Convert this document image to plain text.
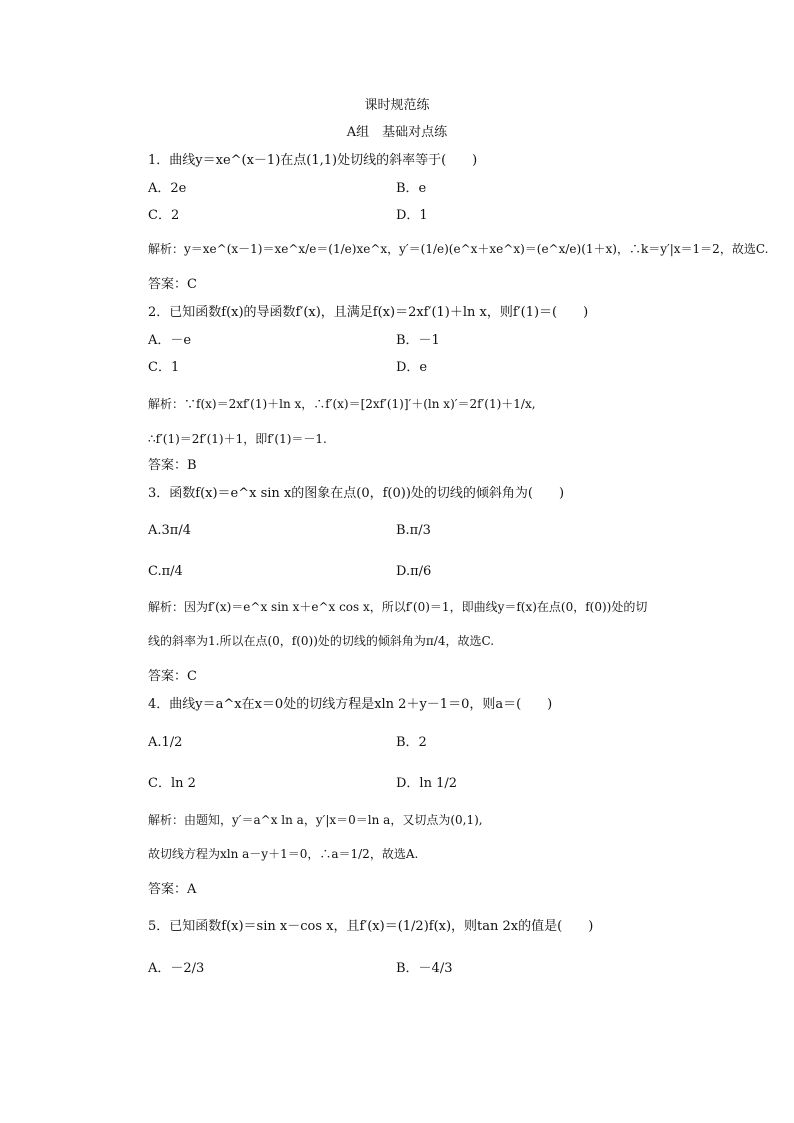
课时规范练
A组　基础对点练
1．曲线y＝xe^(x－1)在点(1,1)处切线的斜率等于(　　)
A．2e	B．e
C．2	D．1
解析：y＝xe^(x－1)＝xe^x/e＝(1/e)xe^x，y′＝(1/e)(e^x＋xe^x)＝(e^x/e)(1＋x)，∴k＝y′|x＝1＝2，故选C.
答案：C
2．已知函数f(x)的导函数f′(x)，且满足f(x)＝2xf′(1)＋ln x，则f′(1)＝(　　)
A．－e	B．－1
C．1	D．e
解析：∵f(x)＝2xf′(1)＋ln x，∴f′(x)＝[2xf′(1)]′＋(ln x)′＝2f′(1)＋1/x,
∴f′(1)＝2f′(1)＋1，即f′(1)＝－1.
答案：B
3．函数f(x)＝e^x sin x的图象在点(0，f(0))处的切线的倾斜角为(　　)
A.3π/4	B.π/3
C.π/4	D.π/6
解析：因为f′(x)＝e^x sin x＋e^x cos x，所以f′(0)＝1，即曲线y＝f(x)在点(0，f(0))处的切
线的斜率为1.所以在点(0，f(0))处的切线的倾斜角为π/4，故选C.
答案：C
4．曲线y＝a^x在x＝0处的切线方程是xln 2＋y－1＝0，则a＝(　　)
A.1/2	B．2
C．ln 2	D．ln 1/2
解析：由题知，y′＝a^x ln a，y′|x＝0＝ln a，又切点为(0,1),
故切线方程为xln a－y＋1＝0，∴a＝1/2，故选A.
答案：A
5．已知函数f(x)＝sin x－cos x，且f′(x)＝(1/2)f(x)，则tan 2x的值是(　　)
A．－2/3	B．－4/3
